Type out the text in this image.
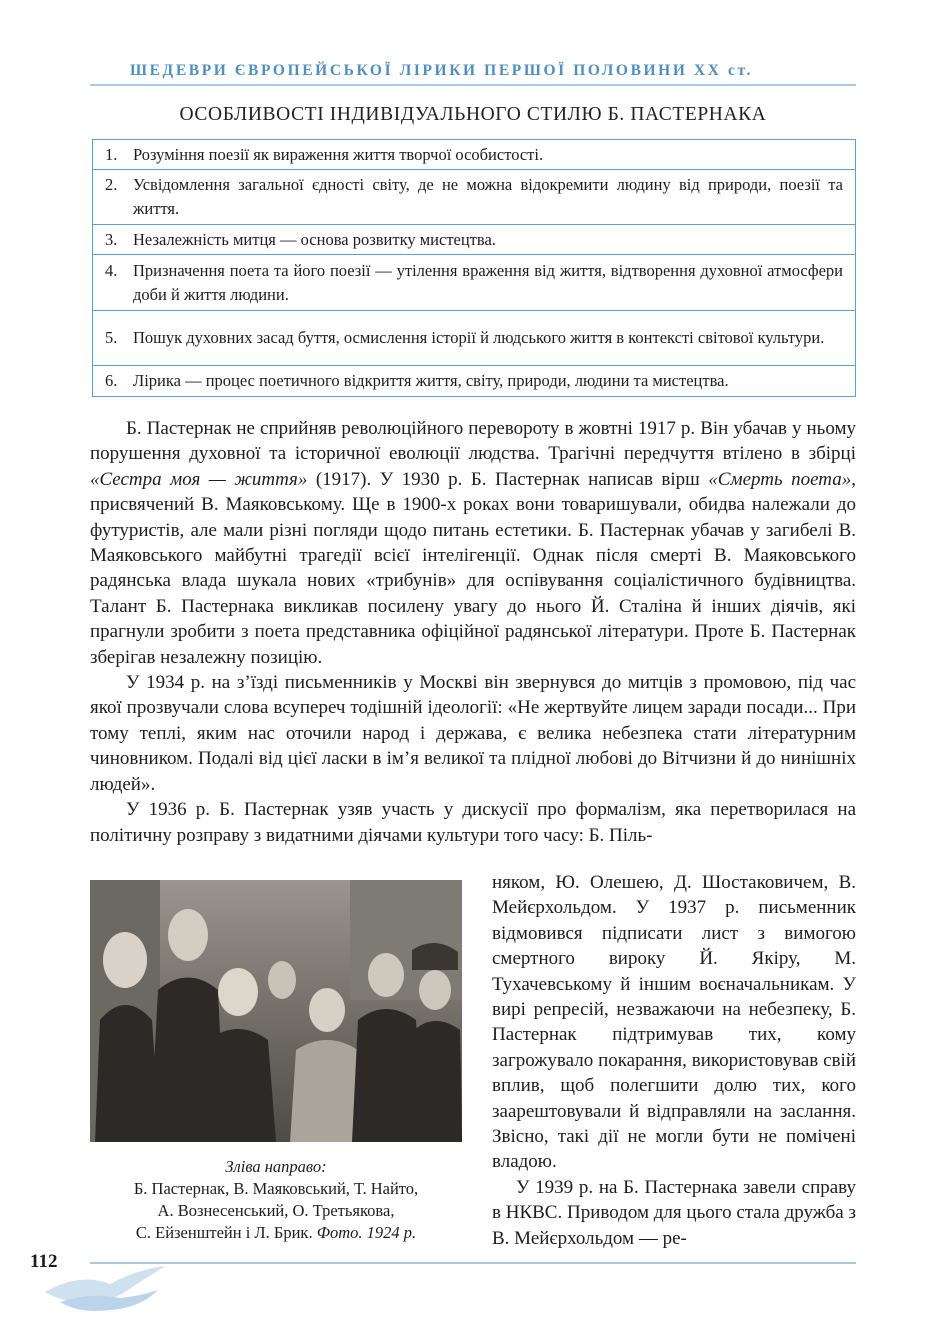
ШЕДЕВРИ ЄВРОПЕЙСЬКОЇ ЛІРИКИ ПЕРШОЇ ПОЛОВИНИ XX ст.
ОСОБЛИВОСТІ ІНДИВІДУАЛЬНОГО СТИЛЮ Б. ПАСТЕРНАКА
1. Розуміння поезії як вираження життя творчої особистості.
2. Усвідомлення загальної єдності світу, де не можна відокремити людину від природи, поезії та життя.
3. Незалежність митця — основа розвитку мистецтва.
4. Призначення поета та його поезії — утілення враження від життя, відтворення духовної атмосфери доби й життя людини.
5. Пошук духовних засад буття, осмислення історії й людського життя в контексті світової культури.
6. Лірика — процес поетичного відкриття життя, світу, природи, людини та мистецтва.

Б. Пастернак не сприйняв революційного перевороту в жовтні 1917 р. Він убачав у ньому порушення духовної та історичної еволюції людства. Трагічні передчуття втілено в збірці «Сестра моя — життя» (1917). У 1930 р. Б. Пастернак написав вірш «Смерть поета», присвячений В. Маяковському. Ще в 1900-х роках вони товаришували, обидва належали до футуристів, але мали різні погляди щодо питань естетики. Б. Пастернак убачав у загибелі В. Маяковського майбутні трагедії всієї інтелігенції. Однак після смерті В. Маяковського радянська влада шукала нових «трибунів» для оспівування соціалістичного будівництва. Талант Б. Пастернака викликав посилену увагу до нього Й. Сталіна й інших діячів, які прагнули зробити з поета представника офіційної радянської літератури. Проте Б. Пастернак зберігав незалежну позицію.

У 1934 р. на з’їзді письменників у Москві він звернувся до митців з промовою, під час якої прозвучали слова всупереч тодішній ідеології: «Не жертвуйте лицем заради посади... При тому теплі, яким нас оточили народ і держава, є велика небезпека стати літературним чиновником. Подалі від цієї ласки в ім’я великої та плідної любові до Вітчизни й до нинішніх людей».

У 1936 р. Б. Пастернак узяв участь у дискусії про формалізм, яка перетворилася на політичну розправу з видатними діячами культури того часу: Б. Піль-

Зліва направо:
Б. Пастернак, В. Маяковський, Т. Найто,
А. Вознесенський, О. Третьякова,
С. Ейзенштейн і Л. Брик. Фото. 1924 р.

няком, Ю. Олешею, Д. Шостаковичем, В. Мейєрхольдом. У 1937 р. письменник відмовився підписати лист з вимогою смертного вироку Й. Якіру, М. Тухачевському й іншим воєначальникам. У вирі репресій, незважаючи на небезпеку, Б. Пастернак підтримував тих, кому загрожувало покарання, використовував свій вплив, щоб полегшити долю тих, кого заарештовували й відправляли на заслання. Звісно, такі дії не могли бути не помічені владою.

У 1939 р. на Б. Пастернака завели справу в НКВС. Приводом для цього стала дружба з В. Мейєрхольдом — ре-

112
